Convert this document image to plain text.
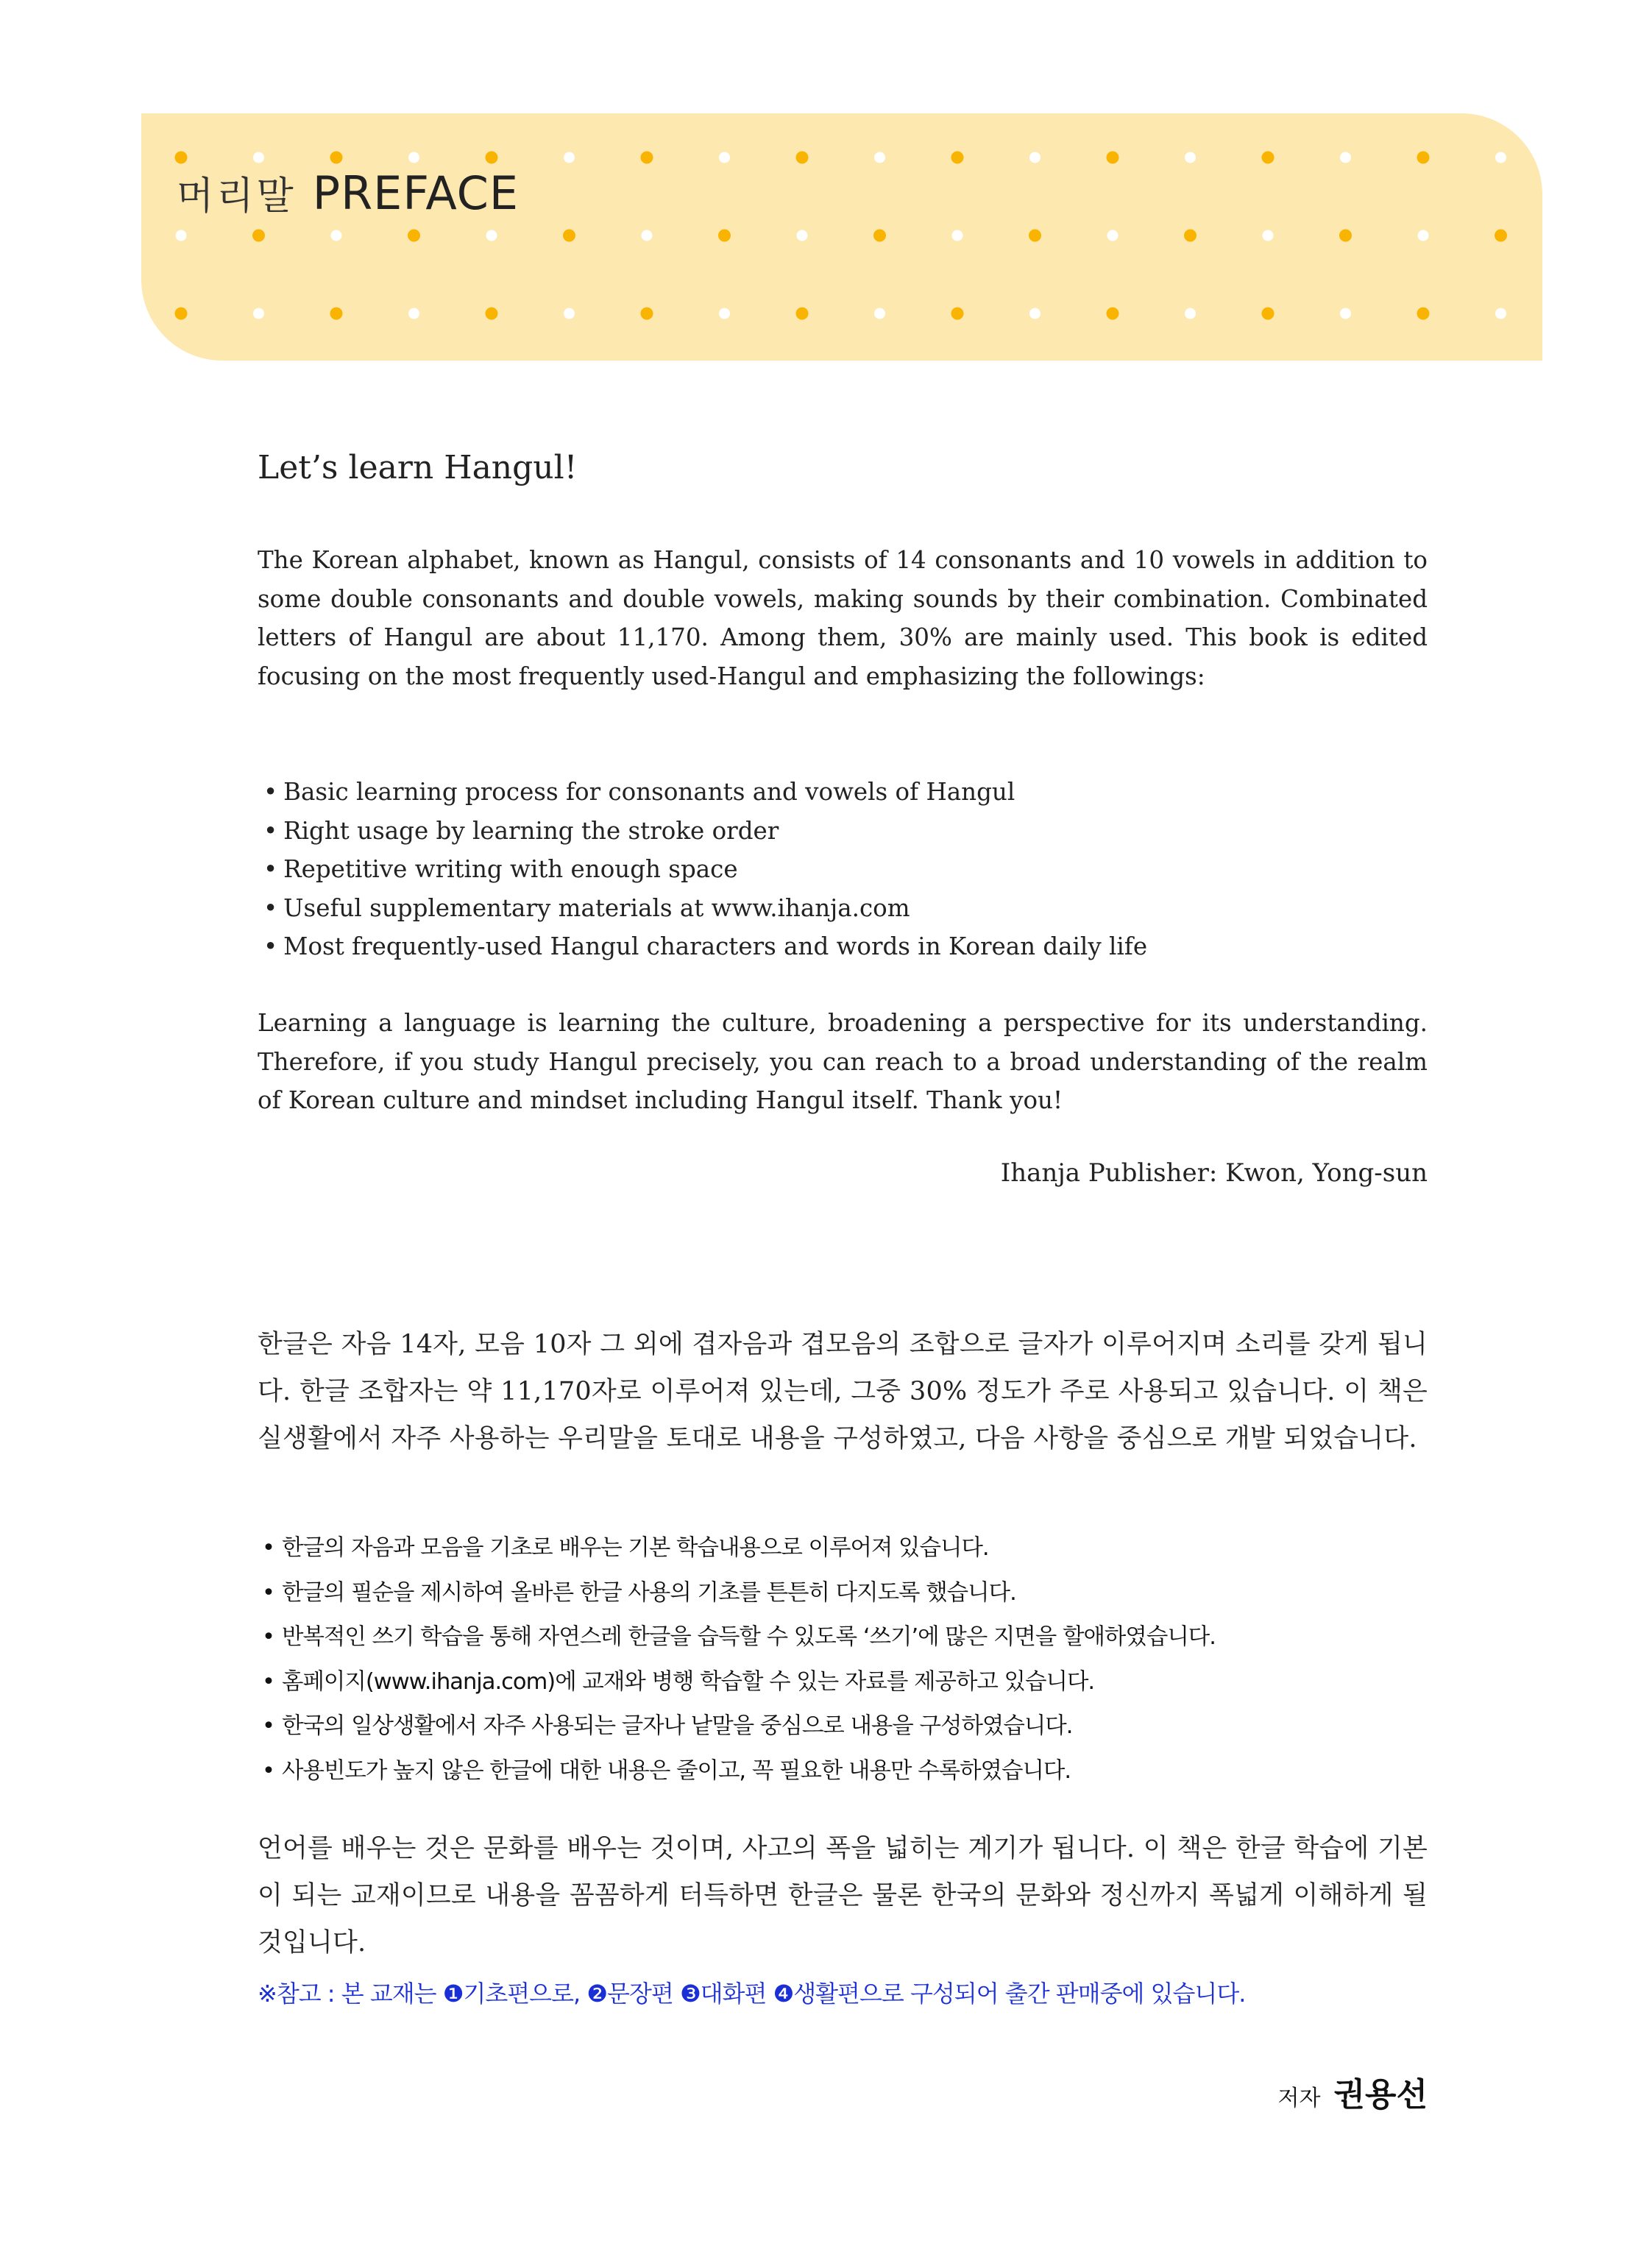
머리말 PREFACE
Let’s learn Hangul!
The Korean alphabet, known as Hangul, consists of 14 consonants and 10 vowels in addition to some double consonants and double vowels, making sounds by their combination. Combinated letters of Hangul are about 11,170. Among them, 30% are mainly used. This book is edited focusing on the most frequently used-Hangul and emphasizing the followings:
• Basic learning process for consonants and vowels of Hangul
• Right usage by learning the stroke order
• Repetitive writing with enough space
• Useful supplementary materials at www.ihanja.com
• Most frequently-used Hangul characters and words in Korean daily life
Learning a language is learning the culture, broadening a perspective for its understanding. Therefore, if you study Hangul precisely, you can reach to a broad understanding of the realm of Korean culture and mindset including Hangul itself. Thank you!
Ihanja Publisher: Kwon, Yong-sun
한글은 자음 14자, 모음 10자 그 외에 겹자음과 겹모음의 조합으로 글자가 이루어지며 소리를 갖게 됩니다. 한글 조합자는 약 11,170자로 이루어져 있는데, 그중 30% 정도가 주로 사용되고 있습니다. 이 책은 실생활에서 자주 사용하는 우리말을 토대로 내용을 구성하였고, 다음 사항을 중심으로 개발 되었습니다.
• 한글의 자음과 모음을 기초로 배우는 기본 학습내용으로 이루어져 있습니다.
• 한글의 필순을 제시하여 올바른 한글 사용의 기초를 튼튼히 다지도록 했습니다.
• 반복적인 쓰기 학습을 통해 자연스레 한글을 습득할 수 있도록 ‘쓰기’에 많은 지면을 할애하였습니다.
• 홈페이지(www.ihanja.com)에 교재와 병행 학습할 수 있는 자료를 제공하고 있습니다.
• 한국의 일상생활에서 자주 사용되는 글자나 낱말을 중심으로 내용을 구성하였습니다.
• 사용빈도가 높지 않은 한글에 대한 내용은 줄이고, 꼭 필요한 내용만 수록하였습니다.
언어를 배우는 것은 문화를 배우는 것이며, 사고의 폭을 넓히는 계기가 됩니다. 이 책은 한글 학습에 기본이 되는 교재이므로 내용을 꼼꼼하게 터득하면 한글은 물론 한국의 문화와 정신까지 폭넓게 이해하게 될 것입니다.
※참고 : 본 교재는 ❶기초편으로, ❷문장편 ❸대화편 ❹생활편으로 구성되어 출간 판매중에 있습니다.
저자 권용선
